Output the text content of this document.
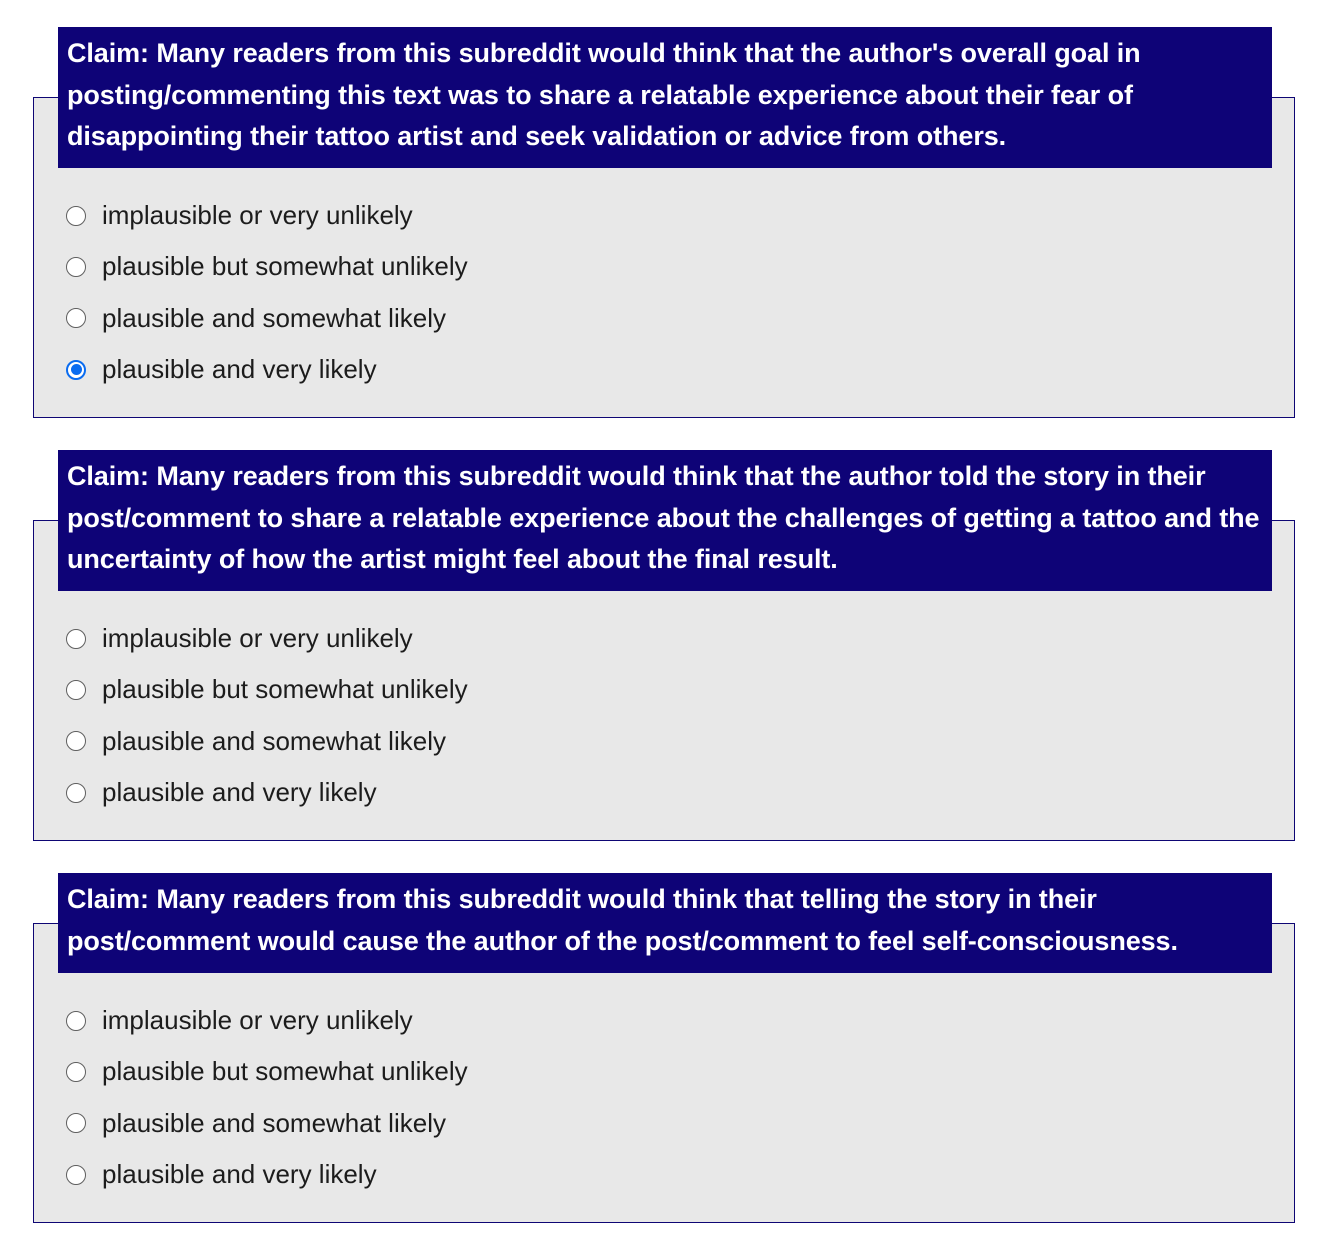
Claim: Many readers from this subreddit would think that the author's overall goal in posting/commenting this text was to share a relatable experience about their fear of disappointing their tattoo artist and seek validation or advice from others.
implausible or very unlikely
plausible but somewhat unlikely
plausible and somewhat likely
plausible and very likely
Claim: Many readers from this subreddit would think that the author told the story in their post/comment to share a relatable experience about the challenges of getting a tattoo and the uncertainty of how the artist might feel about the final result.
implausible or very unlikely
plausible but somewhat unlikely
plausible and somewhat likely
plausible and very likely
Claim: Many readers from this subreddit would think that telling the story in their post/comment would cause the author of the post/comment to feel self-consciousness.
implausible or very unlikely
plausible but somewhat unlikely
plausible and somewhat likely
plausible and very likely
